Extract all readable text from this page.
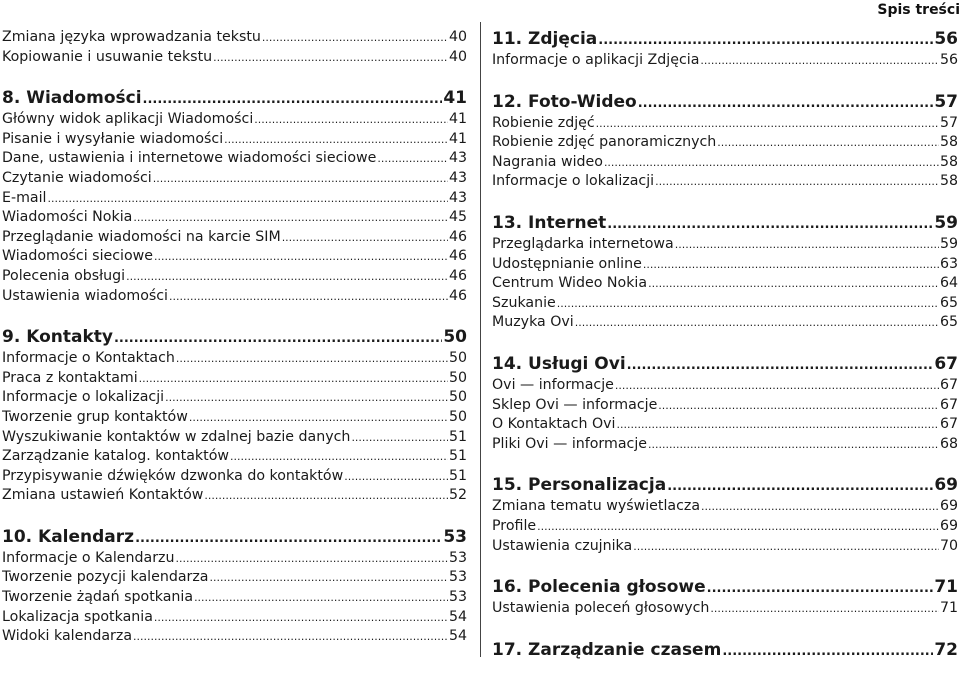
Spis treści
Zmiana języka wprowadzania tekstu .....	40
Kopiowanie i usuwanie tekstu .....	40
8. Wiadomości .....	41
Główny widok aplikacji Wiadomości .....	41
Pisanie i wysyłanie wiadomości .....	41
Dane, ustawienia i internetowe wiadomości sieciowe .....	43
Czytanie wiadomości .....	43
E-mail .....	43
Wiadomości Nokia .....	45
Przeglądanie wiadomości na karcie SIM .....	46
Wiadomości sieciowe .....	46
Polecenia obsługi .....	46
Ustawienia wiadomości .....	46
9. Kontakty .....	50
Informacje o Kontaktach .....	50
Praca z kontaktami .....	50
Informacje o lokalizacji .....	50
Tworzenie grup kontaktów .....	50
Wyszukiwanie kontaktów w zdalnej bazie danych .....	51
Zarządzanie katalog. kontaktów .....	51
Przypisywanie dźwięków dzwonka do kontaktów .....	51
Zmiana ustawień Kontaktów .....	52
10. Kalendarz .....	53
Informacje o Kalendarzu .....	53
Tworzenie pozycji kalendarza .....	53
Tworzenie żądań spotkania .....	53
Lokalizacja spotkania .....	54
Widoki kalendarza .....	54
11. Zdjęcia .....	56
Informacje o aplikacji Zdjęcia .....	56
12. Foto-Wideo .....	57
Robienie zdjęć .....	57
Robienie zdjęć panoramicznych .....	58
Nagrania wideo .....	58
Informacje o lokalizacji .....	58
13. Internet .....	59
Przeglądarka internetowa .....	59
Udostępnianie online .....	63
Centrum Wideo Nokia .....	64
Szukanie .....	65
Muzyka Ovi .....	65
14. Usługi Ovi .....	67
Ovi — informacje .....	67
Sklep Ovi — informacje .....	67
O Kontaktach Ovi .....	67
Pliki Ovi — informacje .....	68
15. Personalizacja .....	69
Zmiana tematu wyświetlacza .....	69
Profile .....	69
Ustawienia czujnika .....	70
16. Polecenia głosowe .....	71
Ustawienia poleceń głosowych .....	71
17. Zarządzanie czasem .....	72
